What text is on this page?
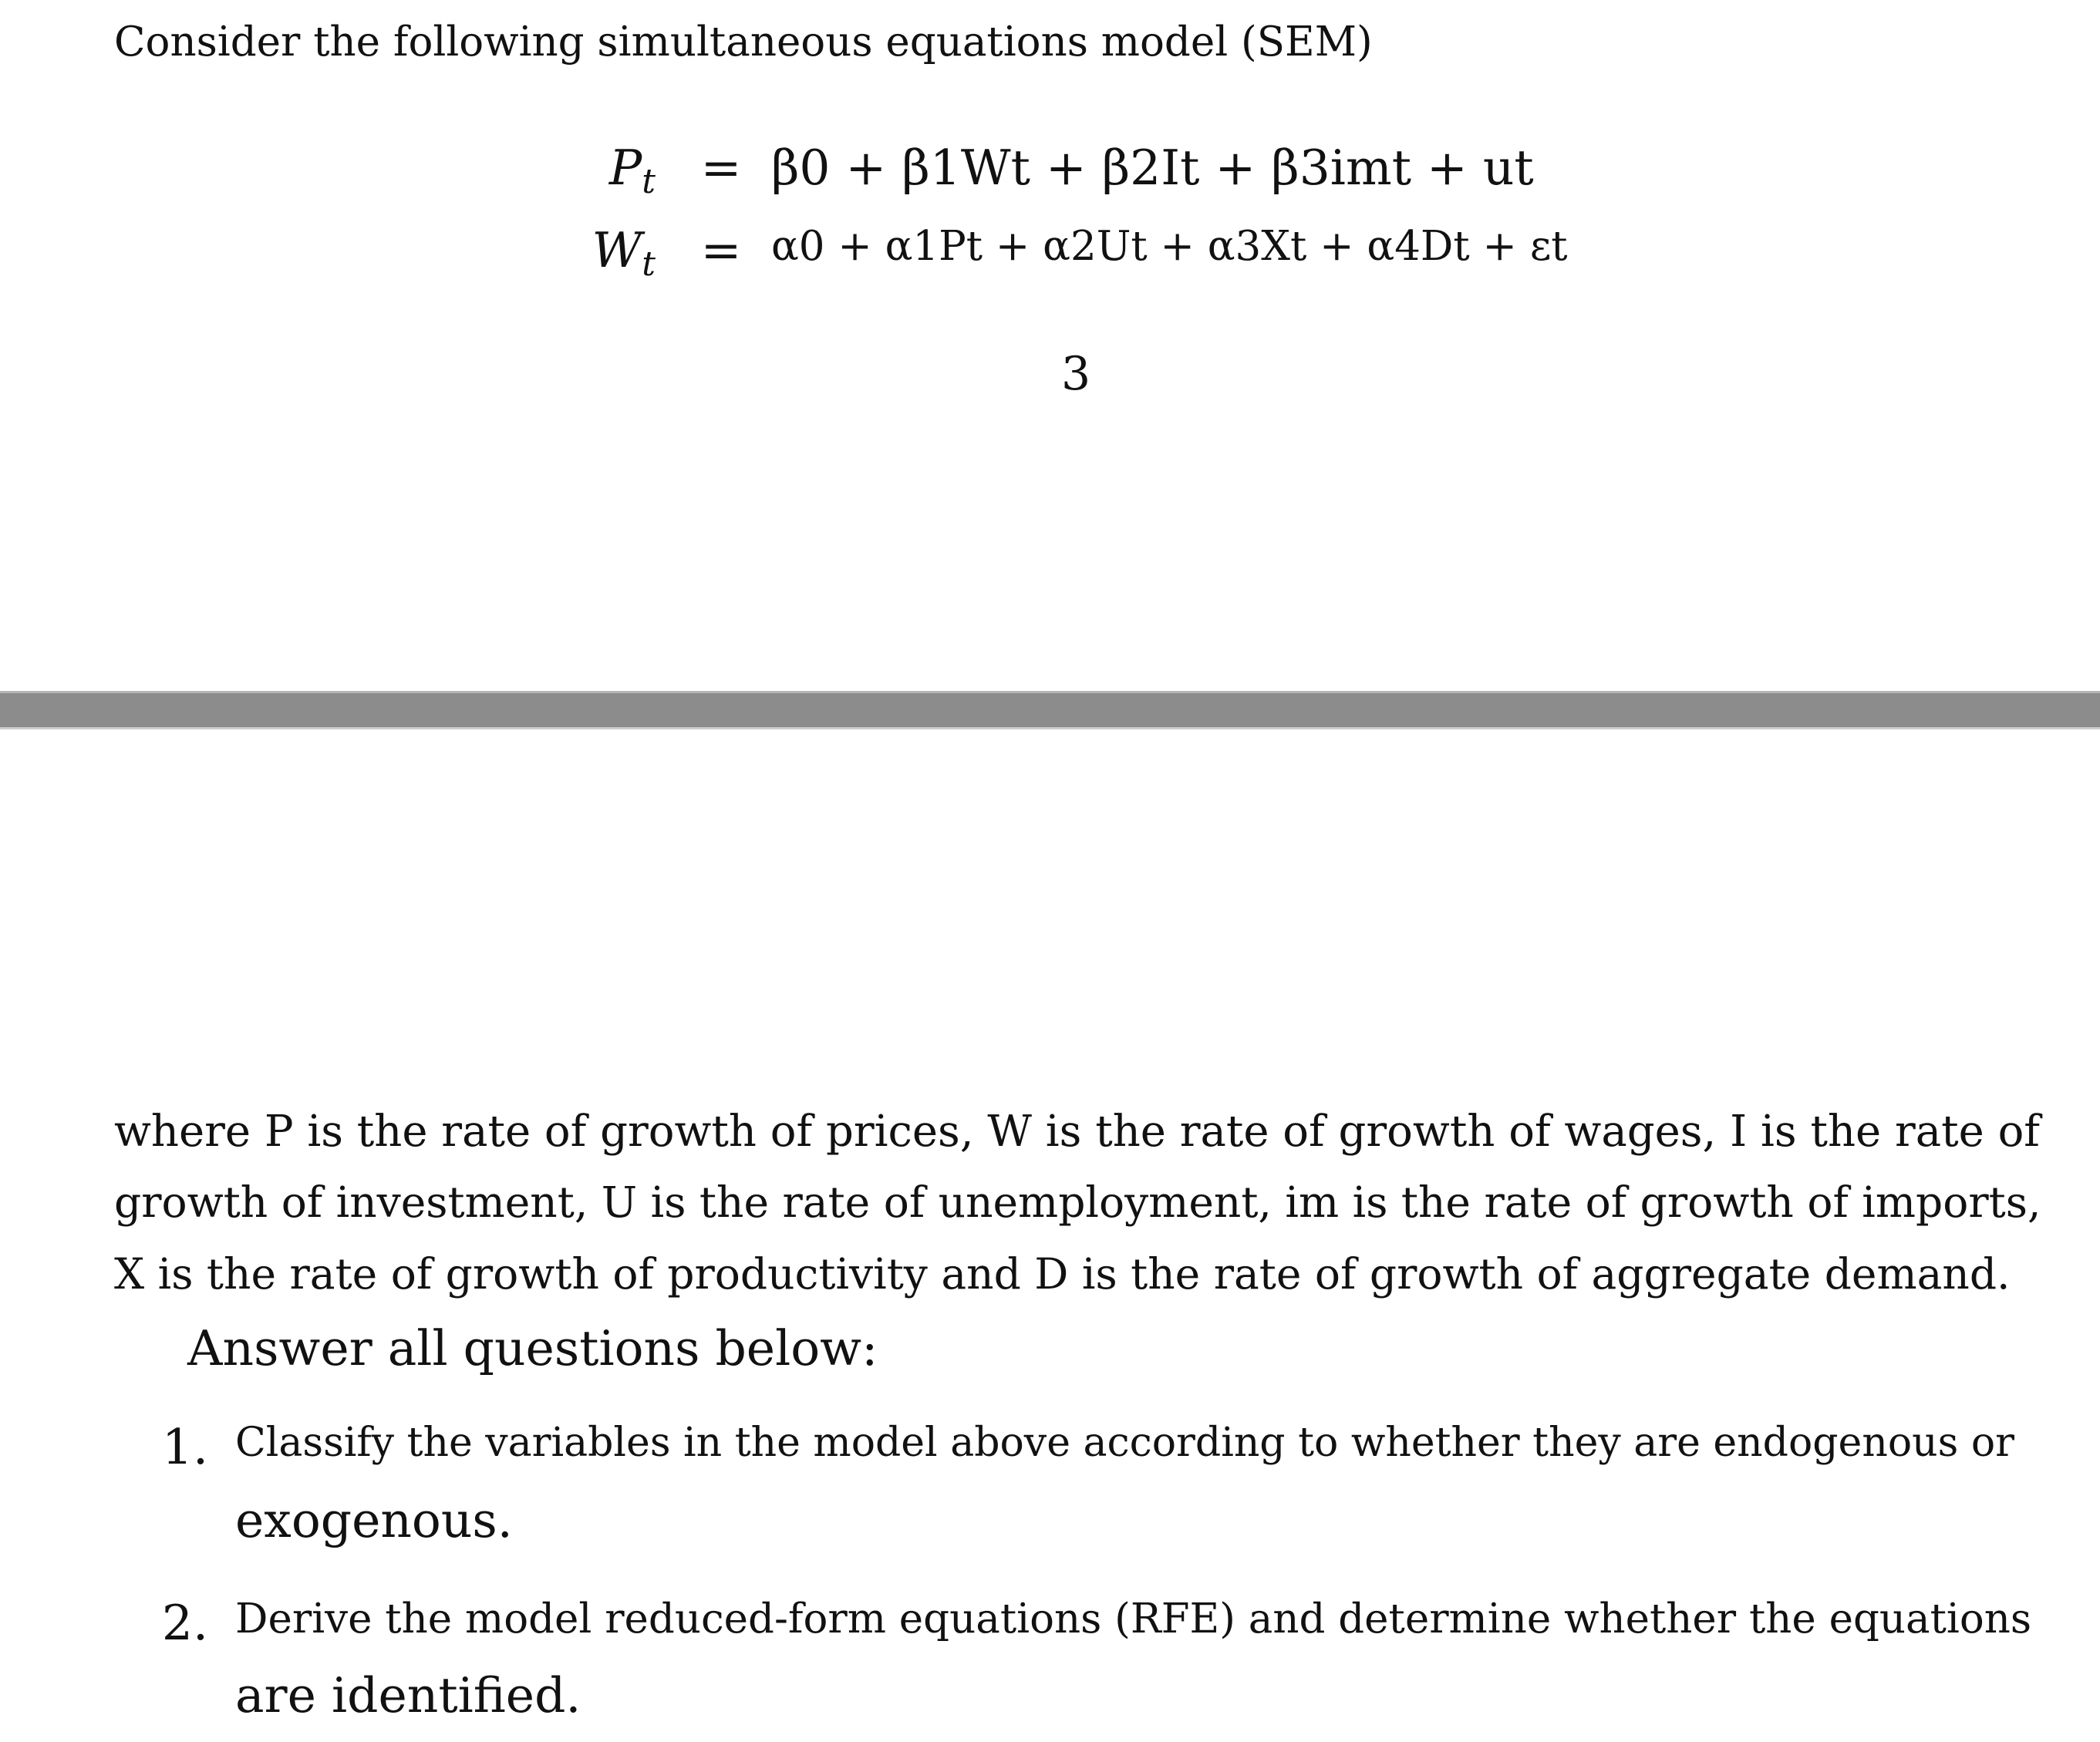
Consider the following simultaneous equations model (SEM)
$P_t = \beta 0 + \beta 1Wt + \beta 2It + \beta 3imt$ + ut
$W_t = \alpha 0 + \alpha 1Pt + \alpha 2Ut + \alpha 3Xt + \alpha 4Dt + \varepsilon t$
3
where P is the rate of growth of prices, W is the rate of growth of wages, I is the rate of
growth of investment, U is the rate of unemployment, im is the rate of growth of imports,
X is the rate of growth of productivity and D is the rate of growth of aggregate demand.
Answer all questions below:
1. Classify the variables in the model above according to whether they are endogenous or
exogenous.
2. Derive the model reduced-form equations (RFE) and determine whether the equations
are identified.
